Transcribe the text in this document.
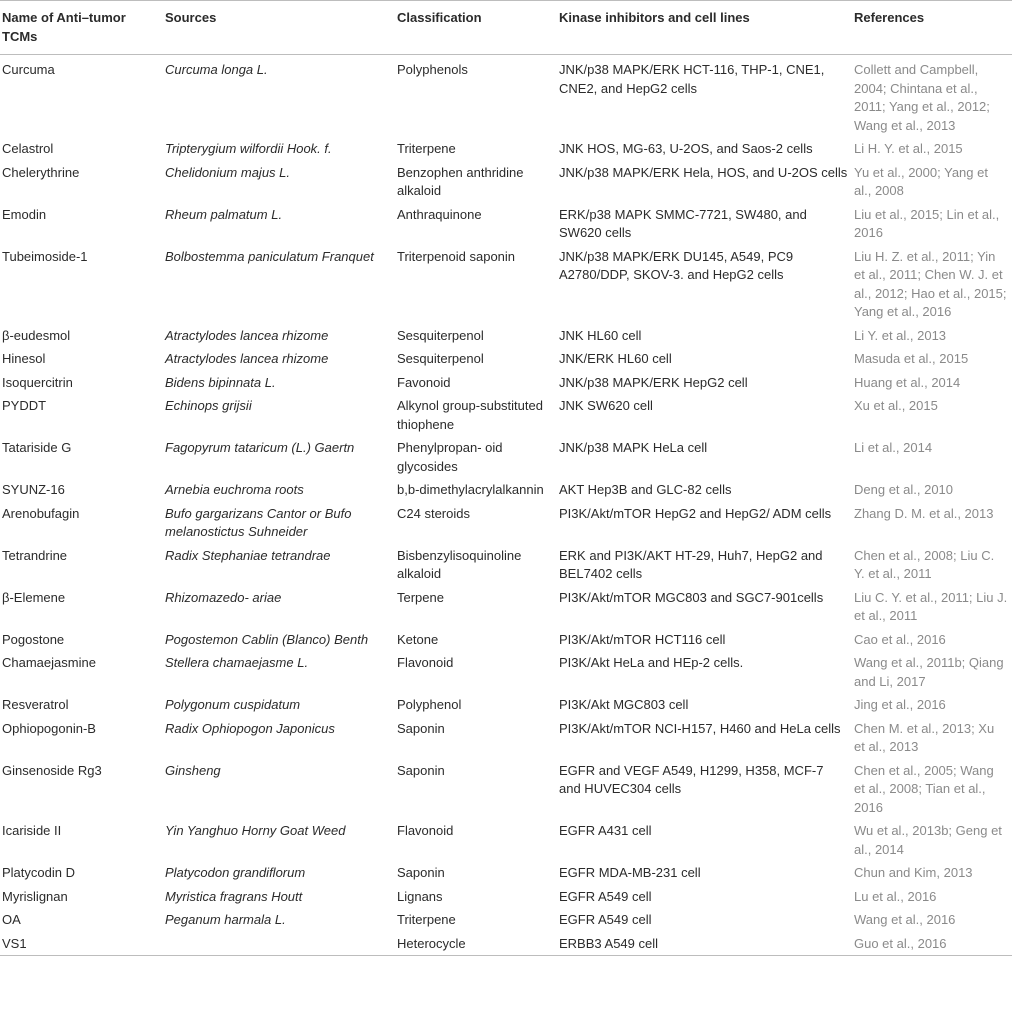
Name of Anti–tumor TCMs	Sources	Classification	Kinase inhibitors and cell lines	References
Curcuma	Curcuma longa L.	Polyphenols	JNK/p38 MAPK/ERK HCT-116, THP-1, CNE1, CNE2, and HepG2 cells	Collett and Campbell, 2004; Chintana et al., 2011; Yang et al., 2012; Wang et al., 2013
Celastrol	Tripterygium wilfordii Hook. f.	Triterpene	JNK HOS, MG-63, U-2OS, and Saos-2 cells	Li H. Y. et al., 2015
Chelerythrine	Chelidonium majus L.	Benzophen anthridine alkaloid	JNK/p38 MAPK/ERK Hela, HOS, and U-2OS cells	Yu et al., 2000; Yang et al., 2008
Emodin	Rheum palmatum L.	Anthraquinone	ERK/p38 MAPK SMMC-7721, SW480, and SW620 cells	Liu et al., 2015; Lin et al., 2016
Tubeimoside-1	Bolbostemma paniculatum Franquet	Triterpenoid saponin	JNK/p38 MAPK/ERK DU145, A549, PC9 A2780/DDP, SKOV-3. and HepG2 cells	Liu H. Z. et al., 2011; Yin et al., 2011; Chen W. J. et al., 2012; Hao et al., 2015; Yang et al., 2016
β-eudesmol	Atractylodes lancea rhizome	Sesquiterpenol	JNK HL60 cell	Li Y. et al., 2013
Hinesol	Atractylodes lancea rhizome	Sesquiterpenol	JNK/ERK HL60 cell	Masuda et al., 2015
Isoquercitrin	Bidens bipinnata L.	Favonoid	JNK/p38 MAPK/ERK HepG2 cell	Huang et al., 2014
PYDDT	Echinops grijsii	Alkynol group-substituted thiophene	JNK SW620 cell	Xu et al., 2015
Tatariside G	Fagopyrum tataricum (L.) Gaertn	Phenylpropan- oid glycosides	JNK/p38 MAPK HeLa cell	Li et al., 2014
SYUNZ-16	Arnebia euchroma roots	b,b-dimethylacrylalkannin	AKT Hep3B and GLC-82 cells	Deng et al., 2010
Arenobufagin	Bufo gargarizans Cantor or Bufo melanostictus Suhneider	C24 steroids	PI3K/Akt/mTOR HepG2 and HepG2/ ADM cells	Zhang D. M. et al., 2013
Tetrandrine	Radix Stephaniae tetrandrae	Bisbenzylisoquinoline alkaloid	ERK and PI3K/AKT HT-29, Huh7, HepG2 and BEL7402 cells	Chen et al., 2008; Liu C. Y. et al., 2011
β-Elemene	Rhizomazedo- ariae	Terpene	PI3K/Akt/mTOR MGC803 and SGC7-901cells	Liu C. Y. et al., 2011; Liu J. et al., 2011
Pogostone	Pogostemon Cablin (Blanco) Benth	Ketone	PI3K/Akt/mTOR HCT116 cell	Cao et al., 2016
Chamaejasmine	Stellera chamaejasme L.	Flavonoid	PI3K/Akt HeLa and HEp-2 cells.	Wang et al., 2011b; Qiang and Li, 2017
Resveratrol	Polygonum cuspidatum	Polyphenol	PI3K/Akt MGC803 cell	Jing et al., 2016
Ophiopogonin-B	Radix Ophiopogon Japonicus	Saponin	PI3K/Akt/mTOR NCI-H157, H460 and HeLa cells	Chen M. et al., 2013; Xu et al., 2013
Ginsenoside Rg3	Ginsheng	Saponin	EGFR and VEGF A549, H1299, H358, MCF-7 and HUVEC304 cells	Chen et al., 2005; Wang et al., 2008; Tian et al., 2016
Icariside II	Yin Yanghuo Horny Goat Weed	Flavonoid	EGFR A431 cell	Wu et al., 2013b; Geng et al., 2014
Platycodin D	Platycodon grandiflorum	Saponin	EGFR MDA-MB-231 cell	Chun and Kim, 2013
Myrislignan	Myristica fragrans Houtt	Lignans	EGFR A549 cell	Lu et al., 2016
OA	Peganum harmala L.	Triterpene	EGFR A549 cell	Wang et al., 2016
VS1		Heterocycle	ERBB3 A549 cell	Guo et al., 2016
